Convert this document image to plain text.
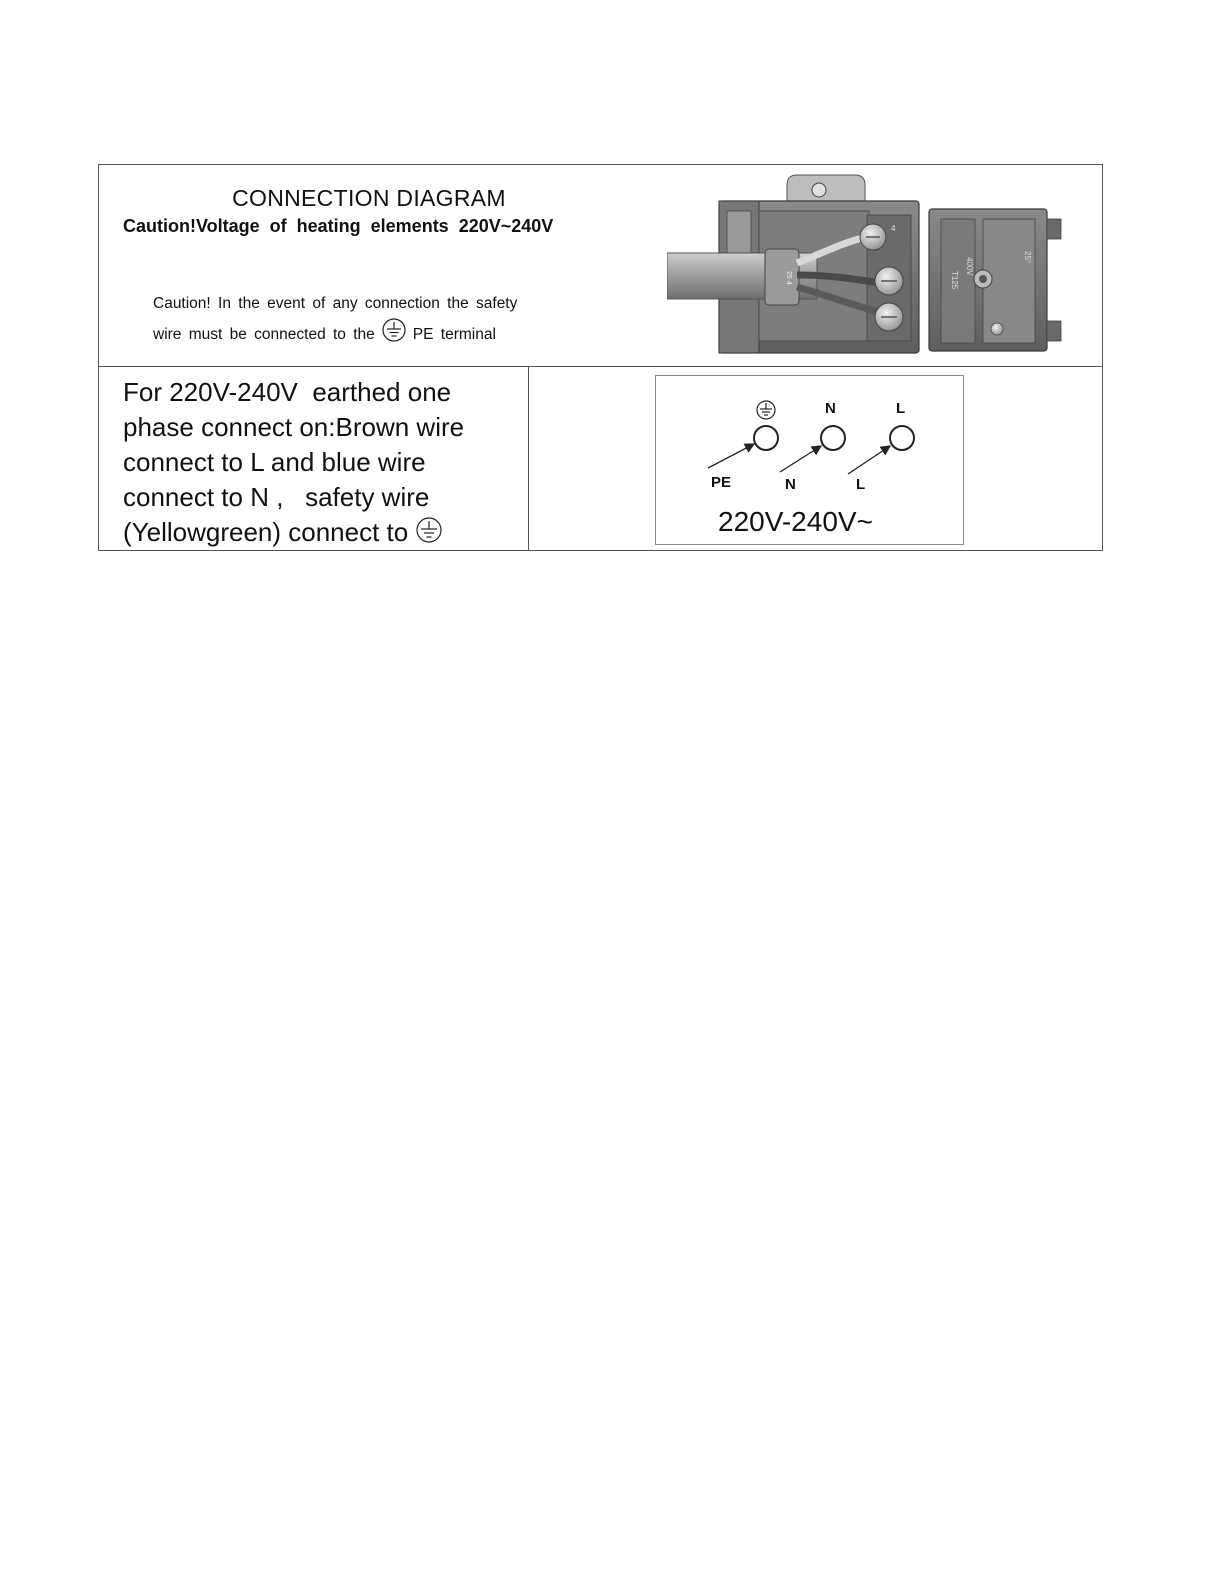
CONNECTION DIAGRAM
Caution!Voltage  of  heating  elements  220V~240V
Caution! In the event of any connection the safety
wire must be connected to the PE terminal
4
400V
T125
25°
25 4
For 220V-240V  earthed one
phase connect on:Brown wire
connect to L and blue wire
connect to N ,   safety wire
(Yellowgreen) connect to
N	L
PE	N	L
220V-240V~
